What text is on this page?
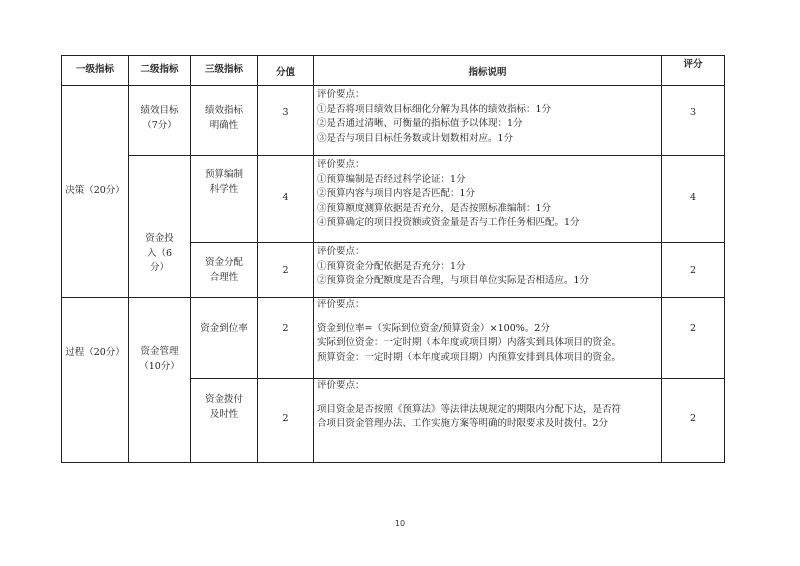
一级指标	二级指标	三级指标	分值	指标说明	评分
决策（20分）	绩效目标（7分）	绩效指标明确性	3	评价要点：
①是否将项目绩效目标细化分解为具体的绩效指标：1分
②是否通过清晰、可衡量的指标值予以体现：1分
③是否与项目目标任务数或计划数相对应。1分	3

	资金投入（6分）	预算编制科学性	4	评价要点：
①预算编制是否经过科学论证：1分
②预算内容与项目内容是否匹配：1分
③预算额度测算依据是否充分，是否按照标准编制：1分
④预算确定的项目投资额或资金量是否与工作任务相匹配。1分	4

		资金分配合理性	2	评价要点：
①预算资金分配依据是否充分：1分
②预算资金分配额度是否合理，与项目单位实际是否相适应。1分	2
过程（20分）	资金管理（10分）	资金到位率	2	评价要点：
资金到位率=（实际到位资金/预算资金）×100%。2分
实际到位资金：一定时期（本年度或项目期）内落实到具体项目的资金。
预算资金：一定时期（本年度或项目期）内预算安排到具体项目的资金。	2

		资金拨付及时性	2	评价要点：
项目资金是否按照《预算法》等法律法规规定的期限内分配下达，是否符
合项目资金管理办法、工作实施方案等明确的时限要求及时拨付。2分	2
10
